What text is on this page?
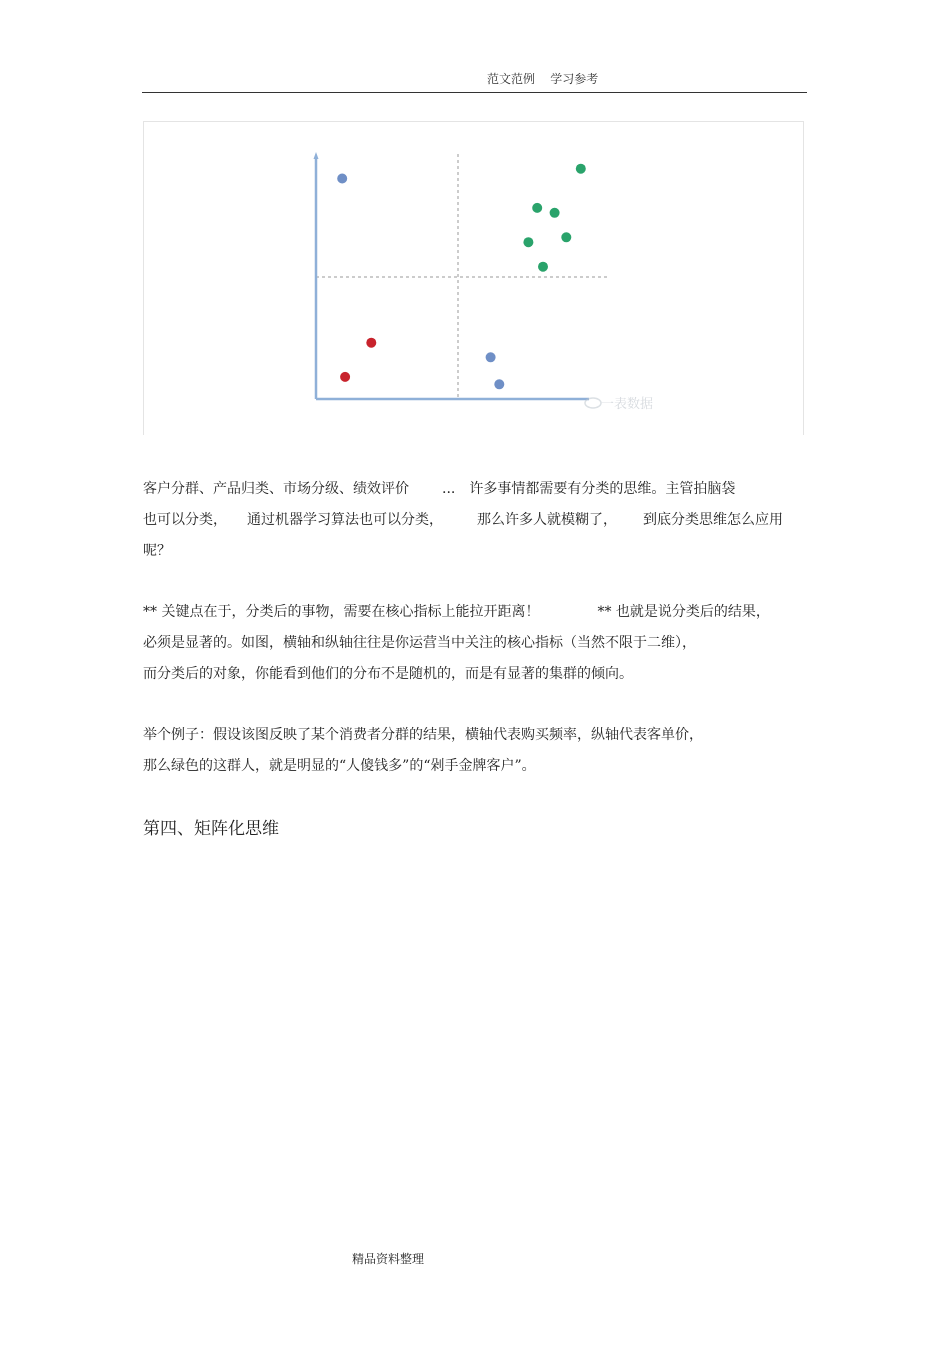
范文范例    学习参考
一表数据
客户分群、产品归类、市场分级、绩效评价 ... 许多事情都需要有分类的思维。主管拍脑袋
也可以分类， 通过机器学习算法也可以分类， 那么许多人就模糊了， 到底分类思维怎么应用
呢？
** 关键点在于，分类后的事物，需要在核心指标上能拉开距离！	** 也就是说分类后的结果，
必须是显著的。如图，横轴和纵轴往往是你运营当中关注的核心指标（当然不限于二维），
而分类后的对象，你能看到他们的分布不是随机的，而是有显著的集群的倾向。
举个例子：假设该图反映了某个消费者分群的结果，横轴代表购买频率，纵轴代表客单价，
那么绿色的这群人，就是明显的“人傻钱多”的“剁手金牌客户”。
第四、矩阵化思维
精品资料整理
